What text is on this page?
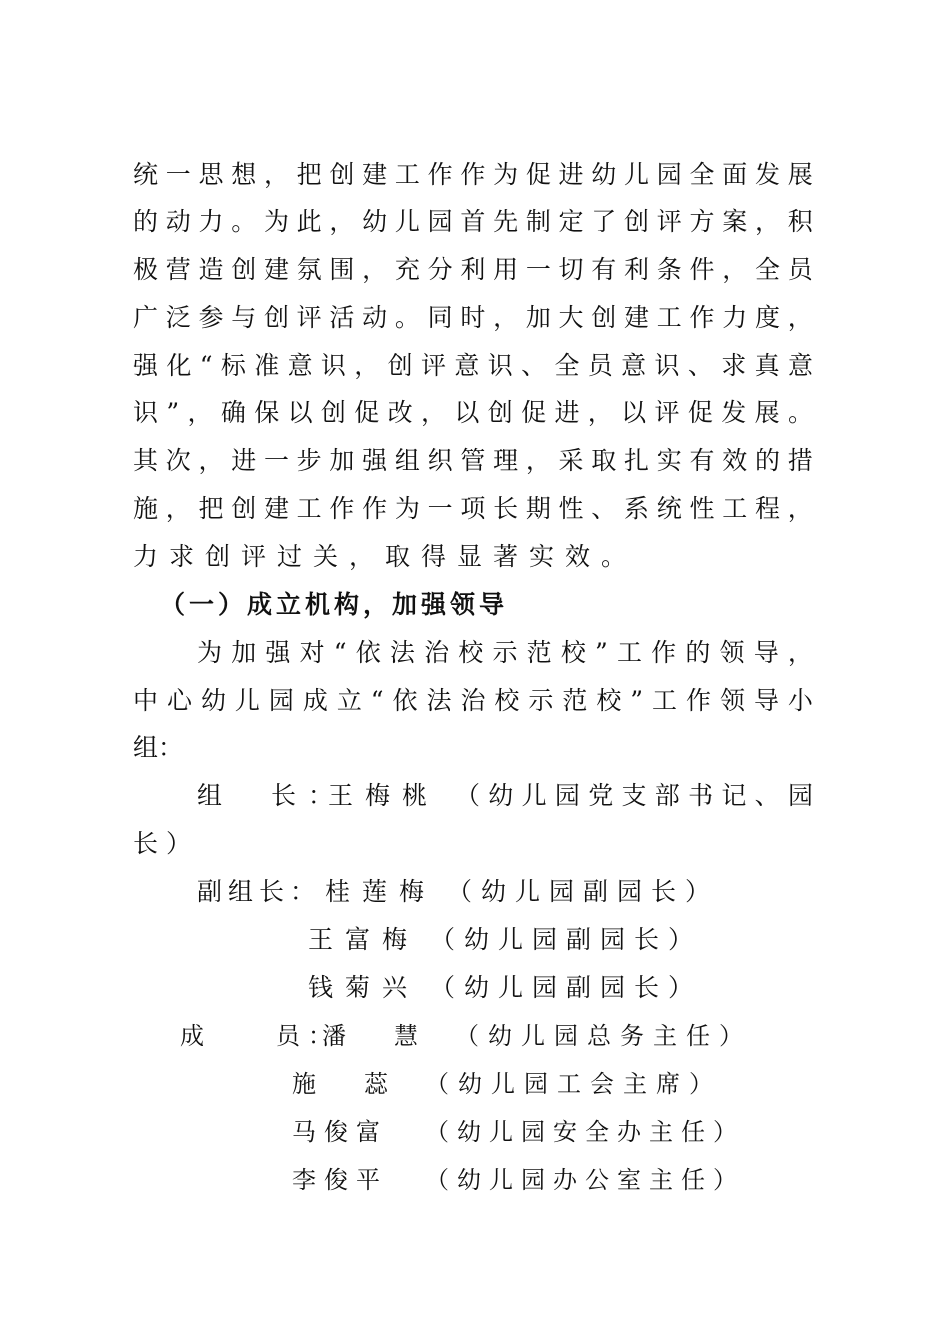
统 一 思 想 ， 把 创 建 工 作 作 为 促 进 幼 儿 园 全 面 发 展
的 动 力 。 为 此 ， 幼 儿 园 首 先 制 定 了 创 评 方 案 ， 积
极 营 造 创 建 氛 围 ， 充 分 利 用 一 切 有 利 条 件 ， 全 员
广 泛 参 与 创 评 活 动 。 同 时 ， 加 大 创 建 工 作 力 度 ，
强 化 “ 标 准 意 识 ， 创 评 意 识 、 全 员 意 识 、 求 真 意
识 ” ， 确 保 以 创 促 改 ， 以 创 促 进 ， 以 评 促 发 展 。
其 次 ， 进 一 步 加 强 组 织 管 理 ， 采 取 扎 实 有 效 的 措
施 ， 把 创 建 工 作 作 为 一 项 长 期 性 、 系 统 性 工 程 ，
力求创评过关，取得显著实效。
（一）成立机构，加强领导
为 加 强 对 “ 依 法 治 校 示 范 校 ” 工 作 的 领 导 ，
中 心 幼 儿 园 成 立 “ 依 法 治 校 示 范 校 ” 工 作 领 导 小
组：
组　长：
王梅桃 （ 幼 儿 园 党 支 部 书 记 、 园
长）
副组长： 桂莲梅 （幼儿园副园长）
王富梅 （幼儿园副园长）
钱菊兴 （幼儿园副园长）
成　　员：
潘　慧 （幼儿园总务主任）
施　蕊 （幼儿园工会主席）
马俊富 （幼儿园安全办主任）
李俊平 （幼儿园办公室主任）
